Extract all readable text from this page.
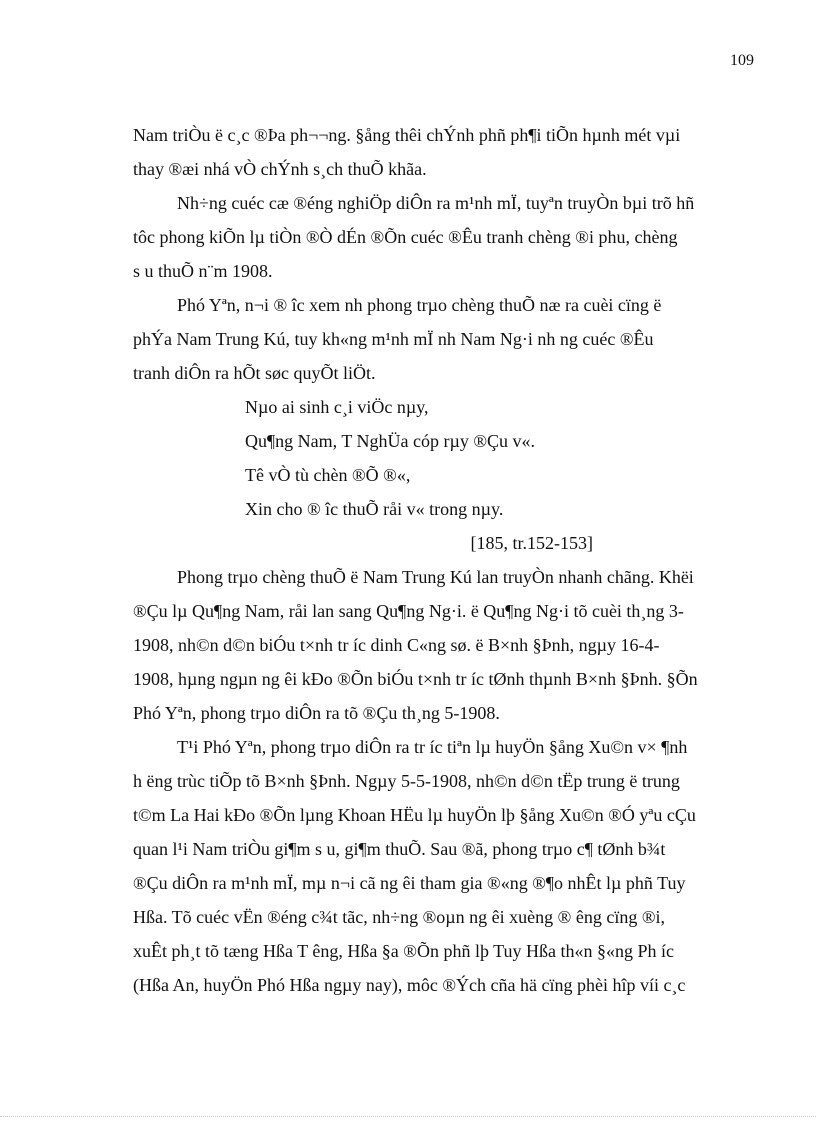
109

Nam triÒu ë c¸c ®Þa ph¬¬ng. §ång thêi chÝnh phñ ph¶i tiÕn hµnh mét vµi
thay ®æi nhá vÒ chÝnh s¸ch thuÕ khãa.

Nh÷ng cuéc cæ ®éng nghiÖp diÔn ra m¹nh mÏ, tuyªn truyÒn bµi trõ hñ
tôc phong kiÕn lµ tiÒn ®Ò dÉn ®Õn cuéc ®Êu tranh chèng ®i phu, chèng
s u thuÕ n¨m 1908.

Phó Yªn, n¬i ® îc xem nh phong trµo chèng thuÕ næ ra cuèi cïng ë
phÝa Nam Trung Kú, tuy kh«ng m¹nh mÏ nh Nam Ng·i nh ng cuéc ®Êu
tranh diÔn ra hÕt søc quyÕt liÖt.

Nµo ai sinh c¸i viÖc nµy,
Qu¶ng Nam, T NghÜa cóp rµy ®Çu v«.
Tê vÒ tù chèn ®Õ ®«,
Xin cho ® îc thuÕ råi v« trong nµy.

[185, tr.152-153]

Phong trµo chèng thuÕ ë Nam Trung Kú lan truyÒn nhanh chãng. Khëi
®Çu lµ Qu¶ng Nam, råi lan sang Qu¶ng Ng·i. ë Qu¶ng Ng·i tõ cuèi th¸ng 3-
1908, nh©n d©n biÓu t×nh tr íc dinh C«ng sø. ë B×nh §Þnh, ngµy 16-4-
1908, hµng ngµn ng êi kÐo ®Õn biÓu t×nh tr íc tØnh thµnh B×nh §Þnh. §Õn
Phó Yªn, phong trµo diÔn ra tõ ®Çu th¸ng 5-1908.

T¹i Phó Yªn, phong trµo diÔn ra tr íc tiªn lµ huyÖn §ång Xu©n v× ¶nh
h ëng trùc tiÕp tõ B×nh §Þnh. Ngµy 5-5-1908, nh©n d©n tËp trung ë trung
t©m La Hai kÐo ®Õn lµng Khoan HËu lµ huyÖn lþ §ång Xu©n ®Ó yªu cÇu
quan l¹i Nam triÒu gi¶m s u, gi¶m thuÕ. Sau ®ã, phong trµo c¶ tØnh b¾t
®Çu diÔn ra m¹nh mÏ, mµ n¬i cã ng êi tham gia ®«ng ®¶o nhÊt lµ phñ Tuy
Hßa. Tõ cuéc vËn ®éng c¾t tãc, nh÷ng ®oµn ng êi xuèng ® êng cïng ®i,
xuÊt ph¸t tõ tæng Hßa T êng, Hßa §a ®Õn phñ lþ Tuy Hßa th«n §«ng Ph íc
(Hßa An, huyÖn Phó Hßa ngµy nay), môc ®Ých cña hä cïng phèi hîp víi c¸c
